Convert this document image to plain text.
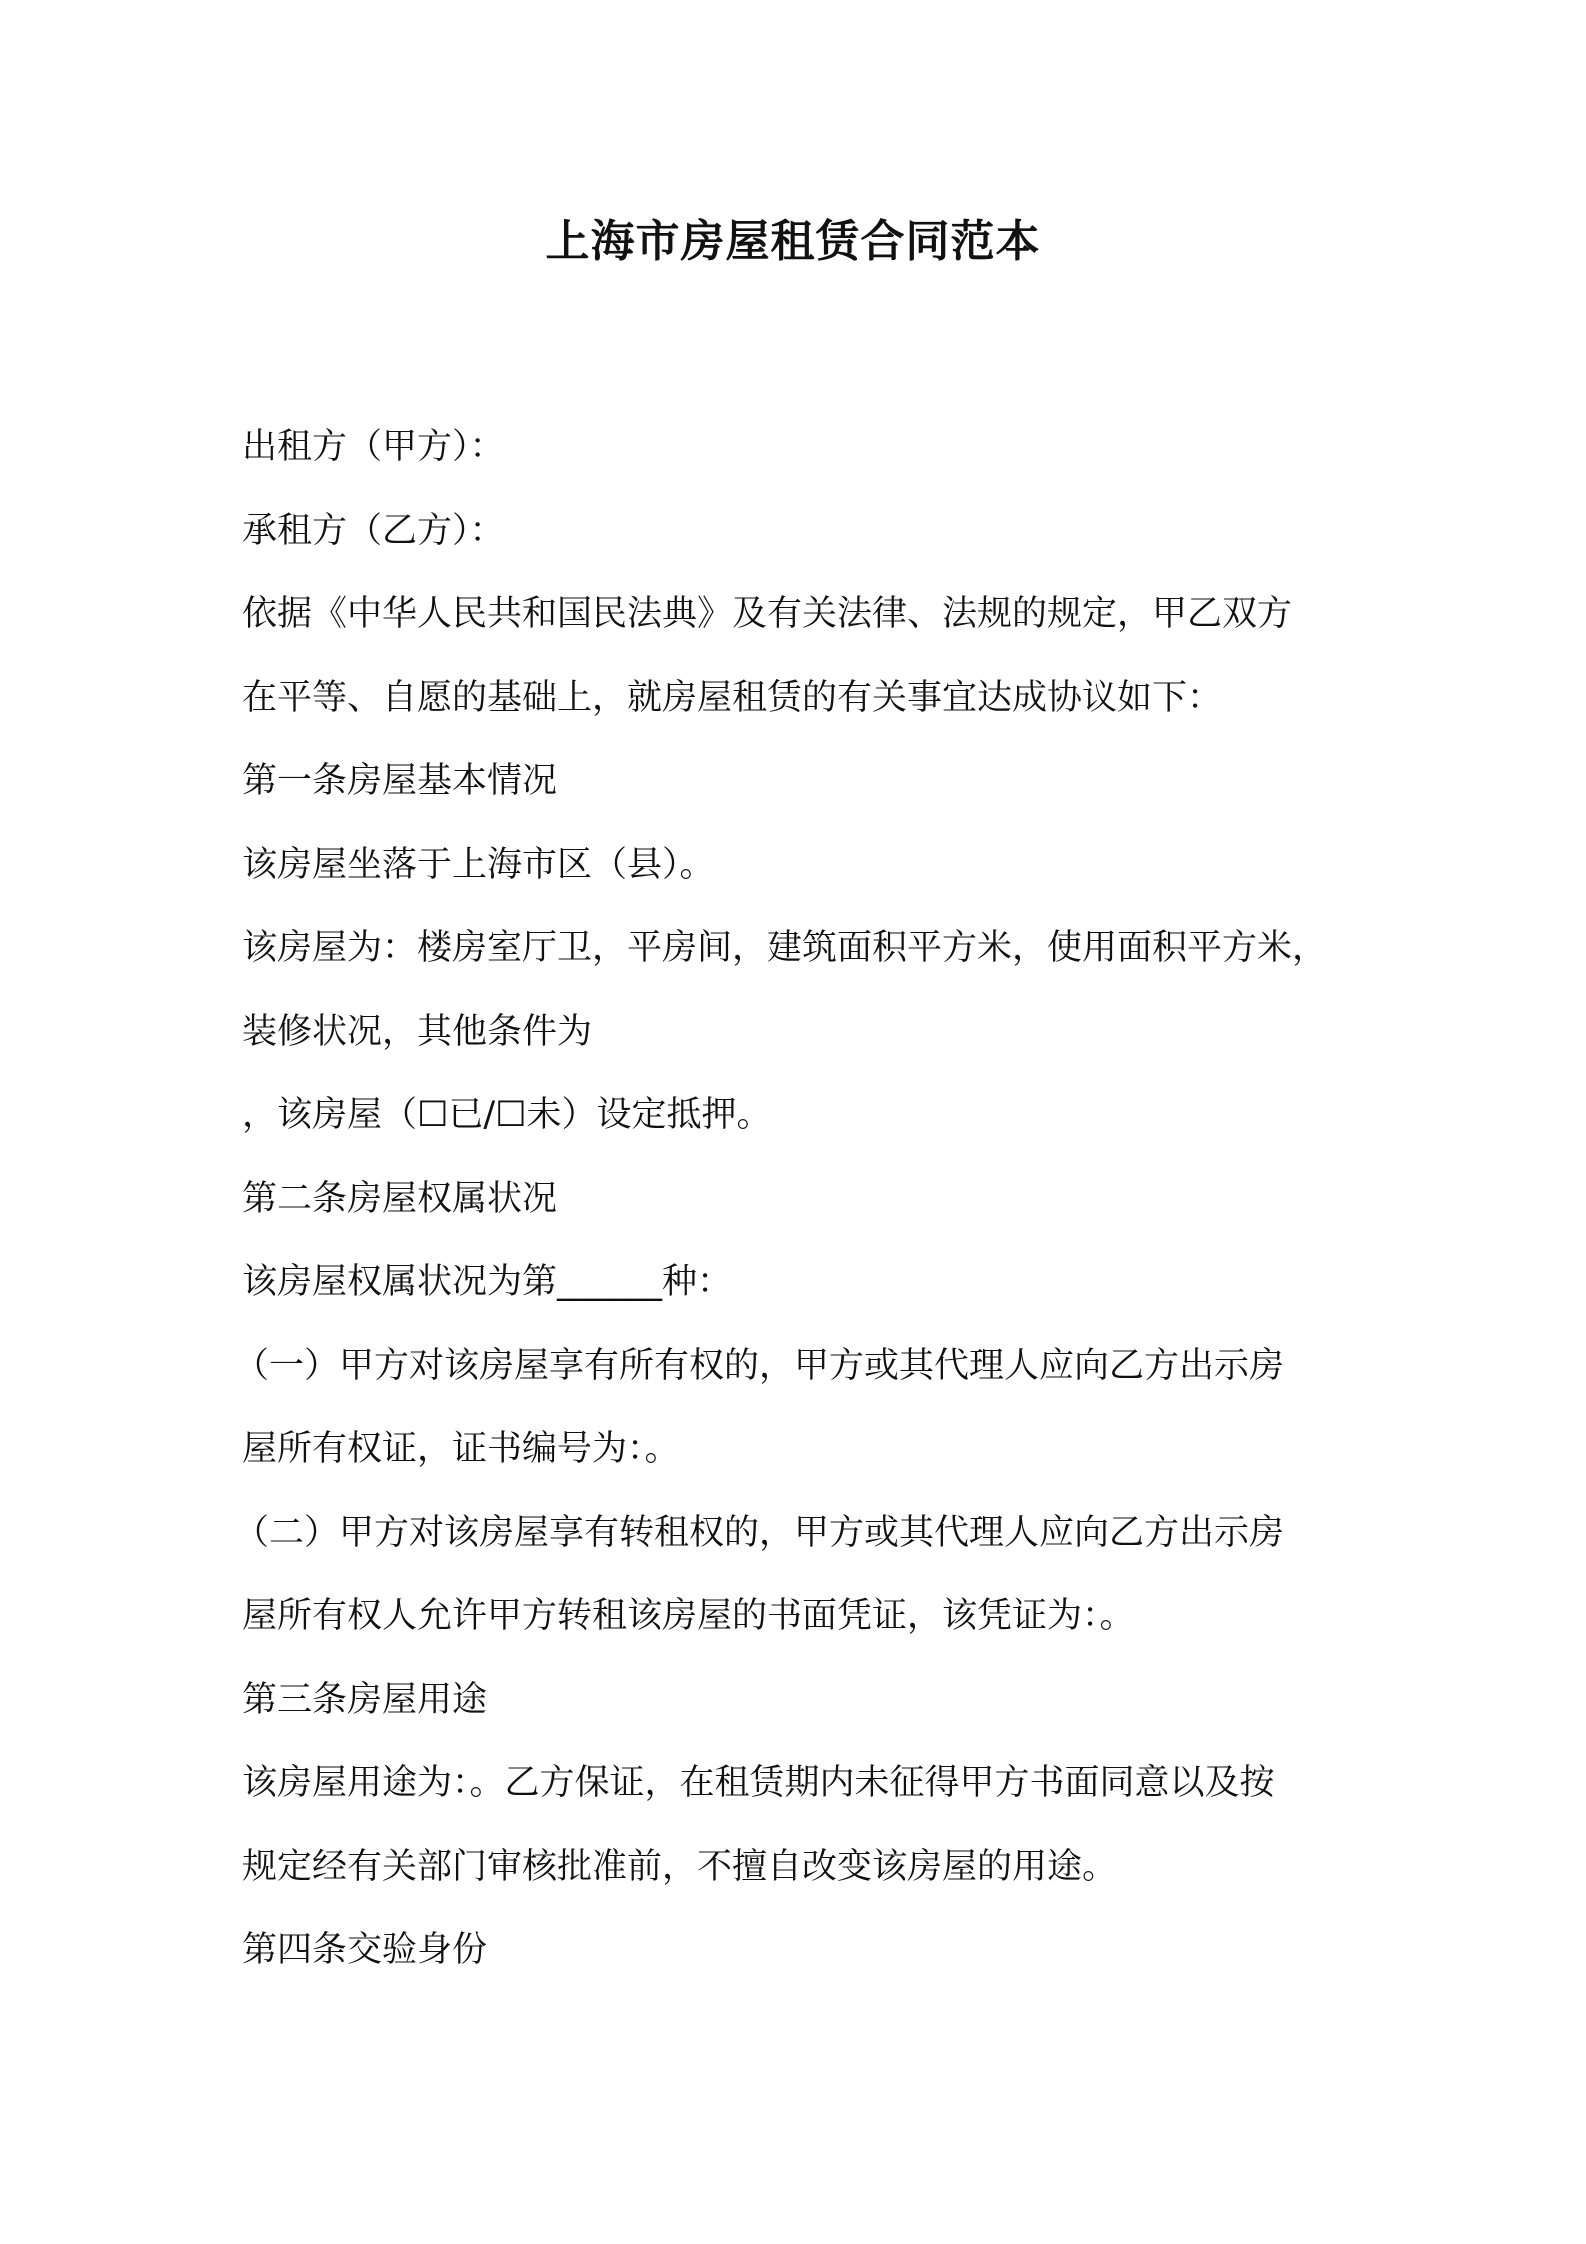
上海市房屋租赁合同范本

出租方（甲方）：

承租方（乙方）：

依据《中华人民共和国民法典》及有关法律、法规的规定，甲乙双方

在平等、自愿的基础上，就房屋租赁的有关事宜达成协议如下：

第一条房屋基本情况

该房屋坐落于上海市区（县）。

该房屋为：楼房室厅卫，平房间，建筑面积平方米，使用面积平方米，

装修状况，其他条件为

，该房屋（☐已/☐未）设定抵押。

第二条房屋权属状况

该房屋权属状况为第______种：

（一）甲方对该房屋享有所有权的，甲方或其代理人应向乙方出示房

屋所有权证，证书编号为：。

（二）甲方对该房屋享有转租权的，甲方或其代理人应向乙方出示房

屋所有权人允许甲方转租该房屋的书面凭证，该凭证为：。

第三条房屋用途

该房屋用途为：。乙方保证，在租赁期内未征得甲方书面同意以及按

规定经有关部门审核批准前，不擅自改变该房屋的用途。

第四条交验身份
